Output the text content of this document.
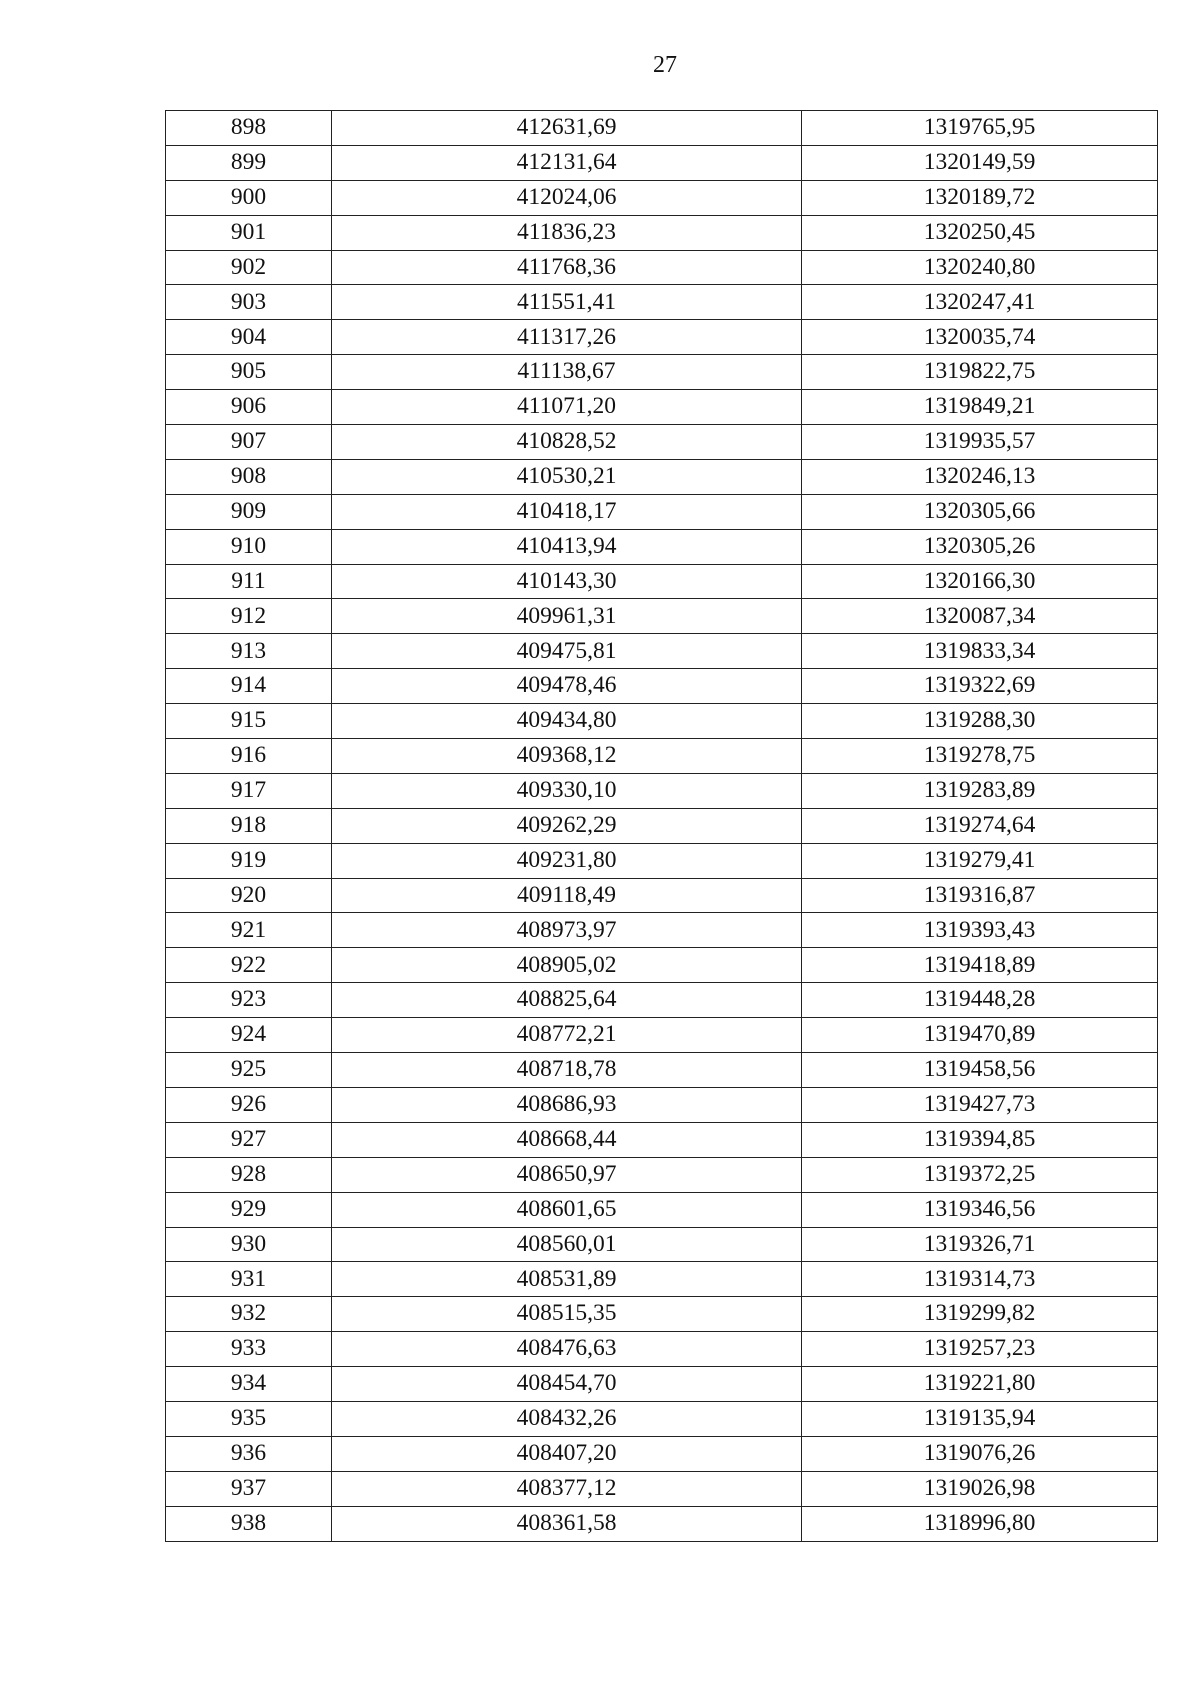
27
898	412631,69	1319765,95
899	412131,64	1320149,59
900	412024,06	1320189,72
901	411836,23	1320250,45
902	411768,36	1320240,80
903	411551,41	1320247,41
904	411317,26	1320035,74
905	411138,67	1319822,75
906	411071,20	1319849,21
907	410828,52	1319935,57
908	410530,21	1320246,13
909	410418,17	1320305,66
910	410413,94	1320305,26
911	410143,30	1320166,30
912	409961,31	1320087,34
913	409475,81	1319833,34
914	409478,46	1319322,69
915	409434,80	1319288,30
916	409368,12	1319278,75
917	409330,10	1319283,89
918	409262,29	1319274,64
919	409231,80	1319279,41
920	409118,49	1319316,87
921	408973,97	1319393,43
922	408905,02	1319418,89
923	408825,64	1319448,28
924	408772,21	1319470,89
925	408718,78	1319458,56
926	408686,93	1319427,73
927	408668,44	1319394,85
928	408650,97	1319372,25
929	408601,65	1319346,56
930	408560,01	1319326,71
931	408531,89	1319314,73
932	408515,35	1319299,82
933	408476,63	1319257,23
934	408454,70	1319221,80
935	408432,26	1319135,94
936	408407,20	1319076,26
937	408377,12	1319026,98
938	408361,58	1318996,80
